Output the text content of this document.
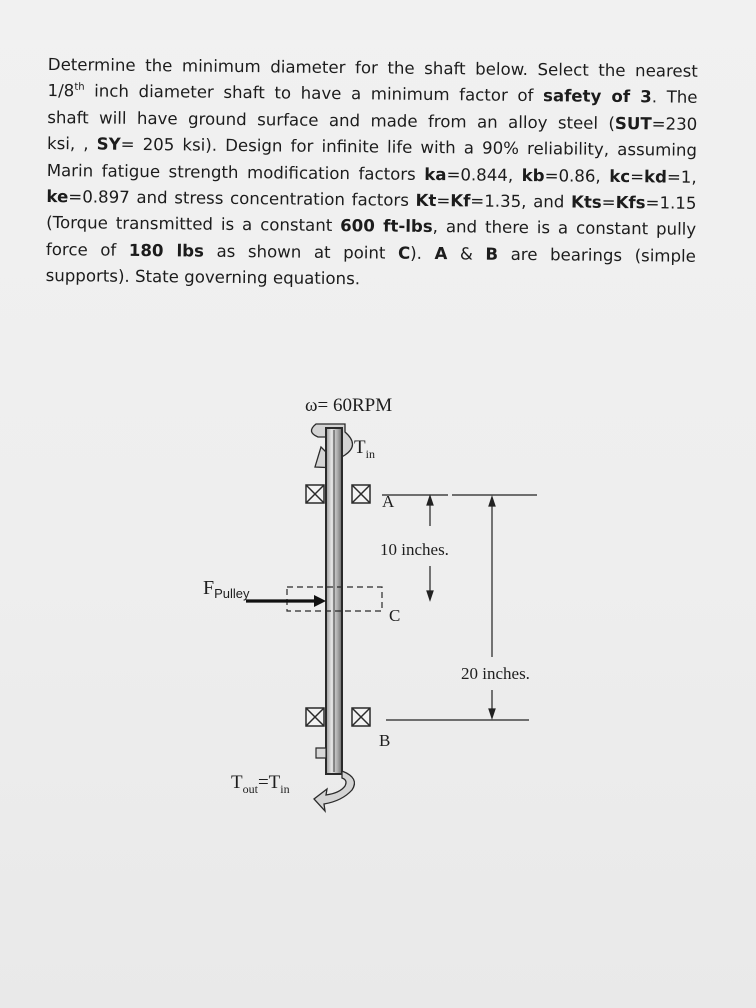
Determine the minimum diameter for the shaft below. Select the nearest
1/8th inch diameter shaft to have a minimum factor of safety of 3. The
shaft will have ground surface and made from an alloy steel (SUT=230
ksi, , SY= 205 ksi). Design for infinite life with a 90% reliability, assuming
Marin fatigue strength modification factors ka=0.844, kb=0.86, kc=kd=1,
ke=0.897 and stress concentration factors Kt=Kf=1.35, and Kts=Kfs=1.15
(Torque transmitted is a constant 600 ft-lbs, and there is a constant pully
force of 180 lbs as shown at point C). A & B are bearings (simple
supports). State governing equations.
ω= 60RPM
$T_{in}$
A
10 inches.
$F_{Pulley}$
C
20 inches.
B
$T_{out}=T_{in}$
